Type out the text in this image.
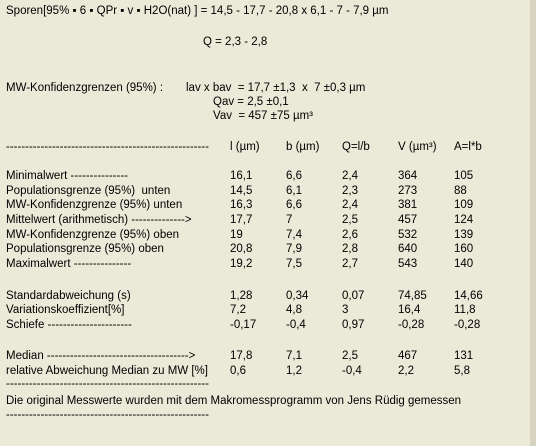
Sporen[95% ▪ 6 ▪ QPr ▪ v ▪ H2O(nat) ] = 14,5 - 17,7 - 20,8 x 6,1 - 7 - 7,9 µm
Q = 2,3 - 2,8
MW-Konfidenzgrenzen (95%) : lav x bav  = 17,7 ±1,3  x  7 ±0,3 µm
Qav = 2,5 ±0,1
Vav  = 457 ±75 µm³
----------------------------------------------------- l (µm) b (µm) Q=l/b V (µm³) A=l*b
Minimalwert ---------------	16,1	6,6	2,4	364	105
Populationsgrenze (95%)  unten	14,5	6,1	2,3	273	88
MW-Konfidenzgrenze (95%) unten	16,3	6,6	2,4	381	109
Mittelwert (arithmetisch) -------------->	17,7	7	2,5	457	124
MW-Konfidenzgrenze (95%) oben	19	7,4	2,6	532	139
Populationsgrenze (95%) oben	20,8	7,9	2,8	640	160
Maximalwert ---------------	19,2	7,5	2,7	543	140
Standardabweichung (s)	1,28	0,34	0,07	74,85 14,66
Variationskoeffizient[%]	7,2	4,8	3	16,4	11,8
Schiefe ----------------------	-0,17	-0,4	0,97	-0,28	-0,28
Median ------------------------------------->	17,8	7,1	2,5	467	131
relative Abweichung Median zu MW [%] 0,6	1,2	-0,4	2,2	5,8
-----------------------------------------------------
Die original Messwerte wurden mit dem Makromessprogramm von Jens Rüdig gemessen
-----------------------------------------------------
